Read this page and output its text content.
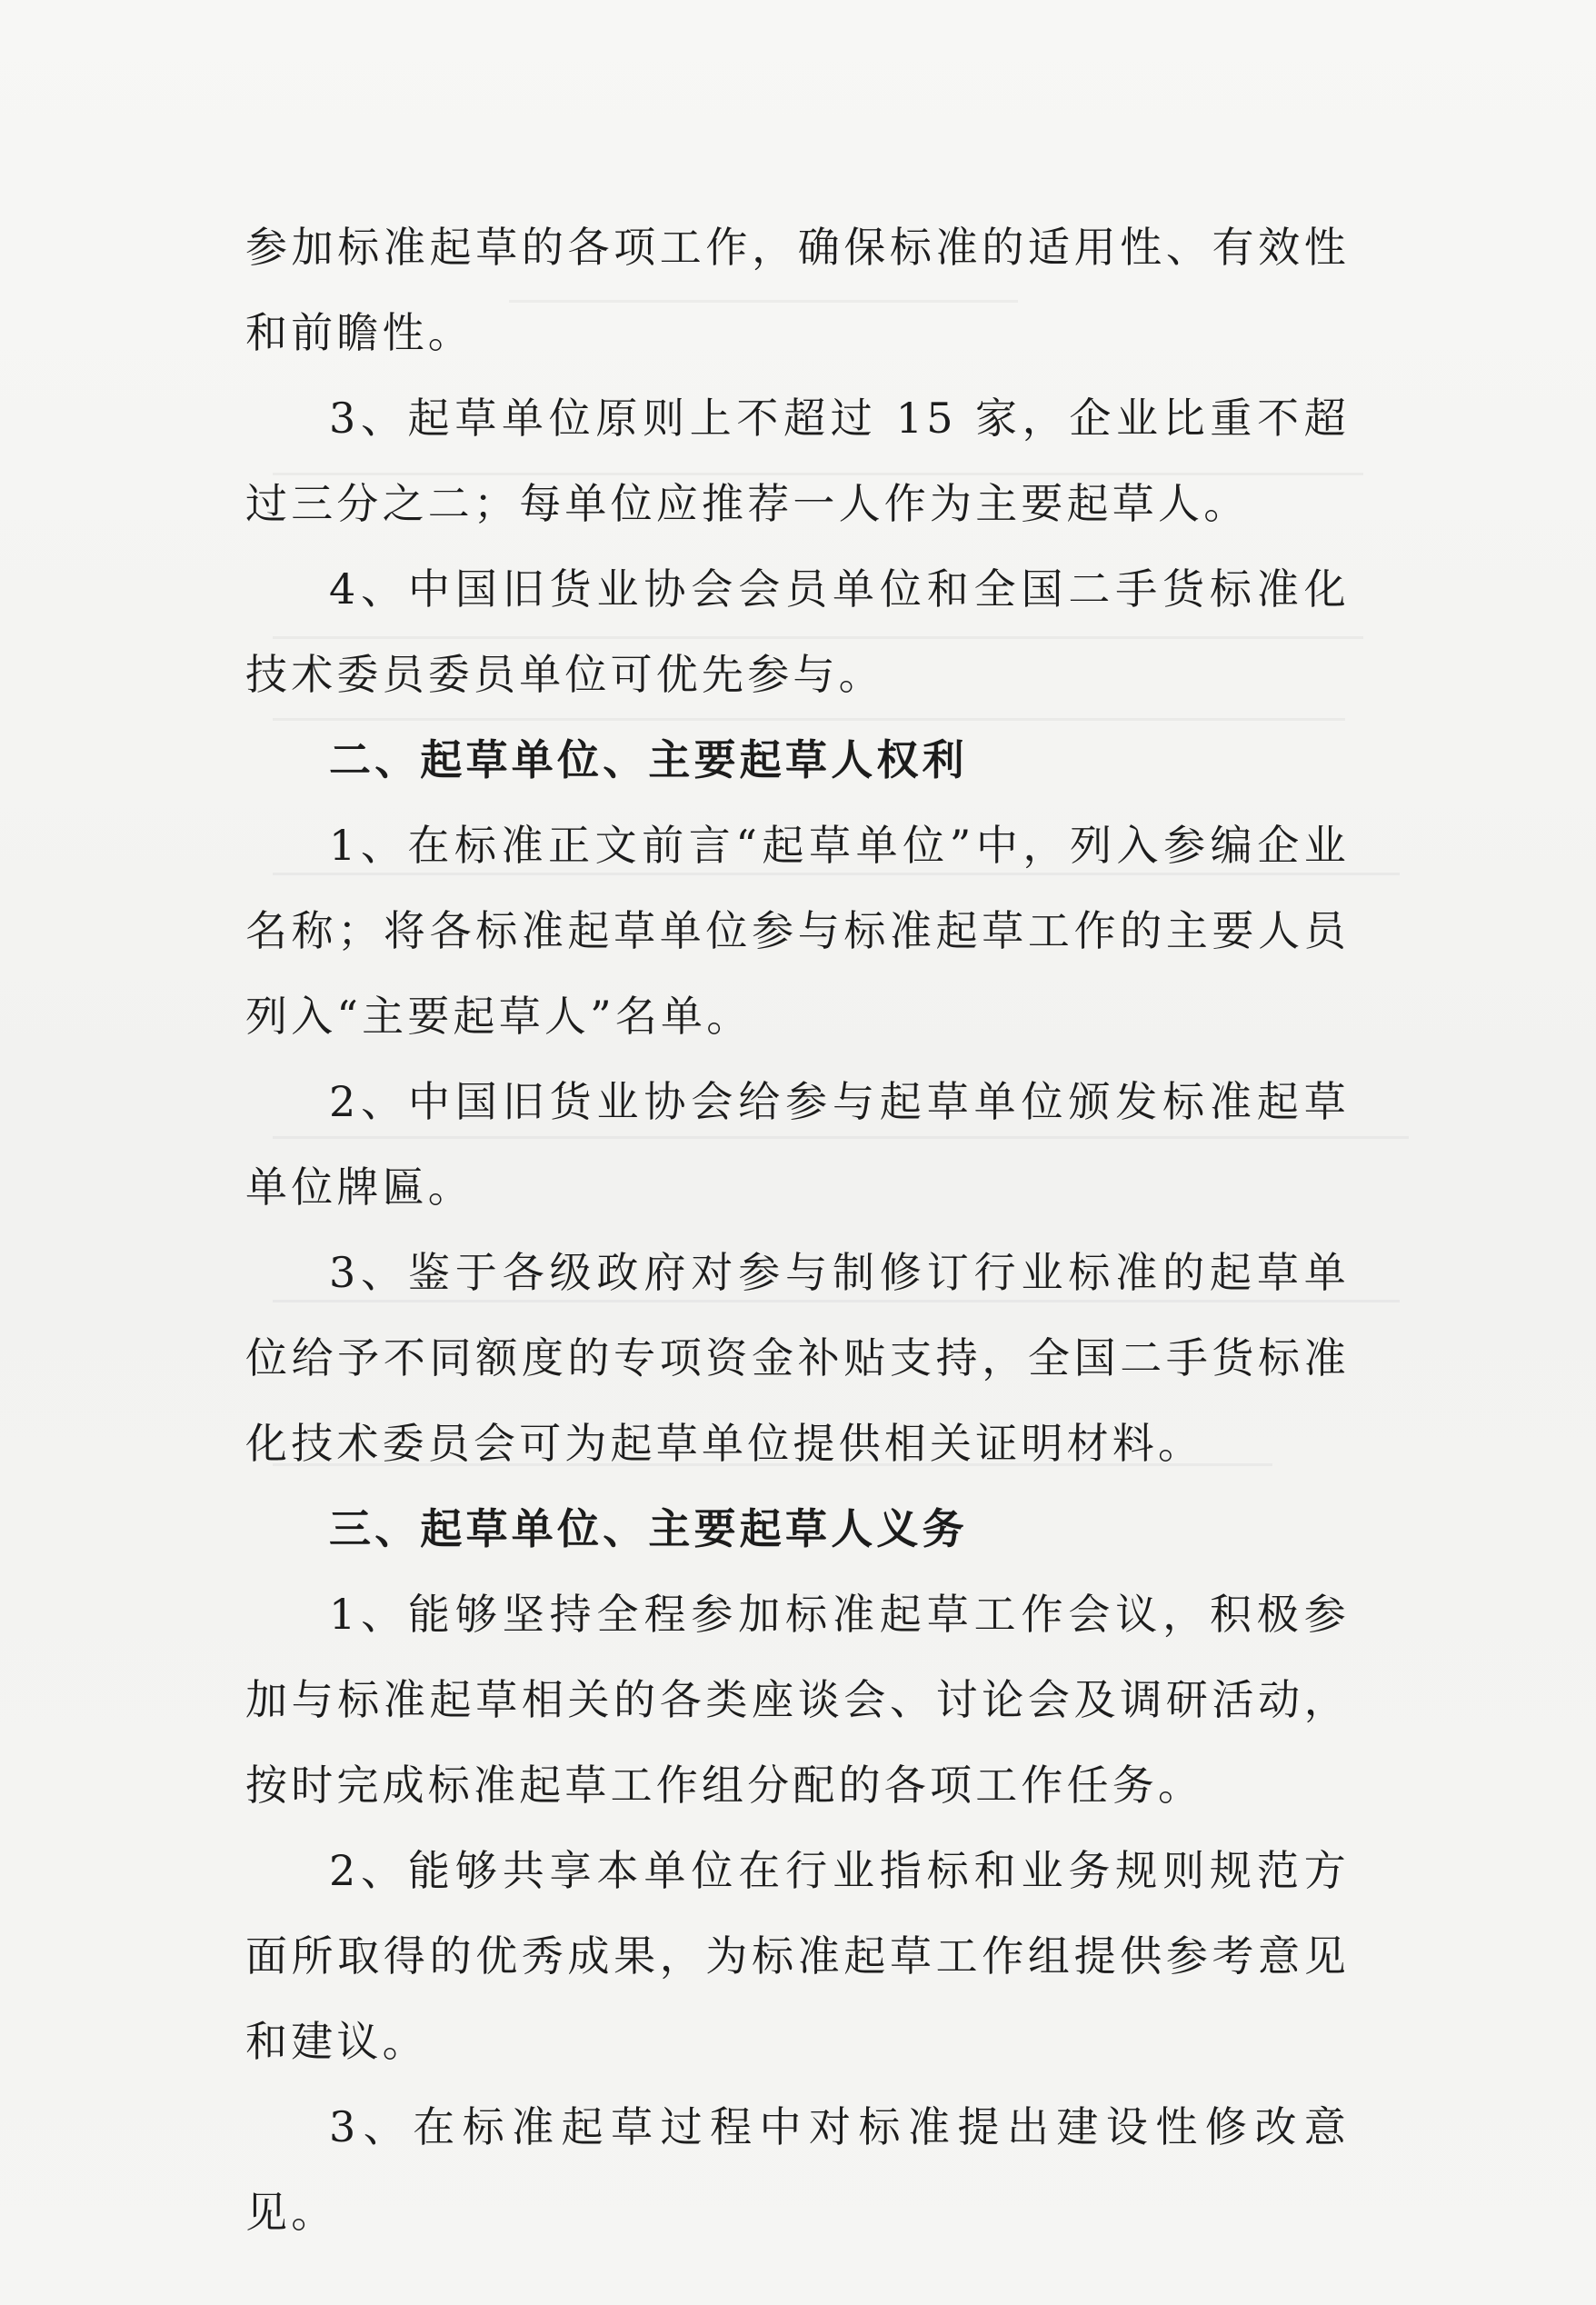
参加标准起草的各项工作，确保标准的适用性、有效性和前瞻性。

3、起草单位原则上不超过 15 家，企业比重不超过三分之二；每单位应推荐一人作为主要起草人。

4、中国旧货业协会会员单位和全国二手货标准化技术委员委员单位可优先参与。

二、起草单位、主要起草人权利

1、在标准正文前言“起草单位”中，列入参编企业名称；将各标准起草单位参与标准起草工作的主要人员列入“主要起草人”名单。

2、中国旧货业协会给参与起草单位颁发标准起草单位牌匾。

3、鉴于各级政府对参与制修订行业标准的起草单位给予不同额度的专项资金补贴支持，全国二手货标准化技术委员会可为起草单位提供相关证明材料。

三、起草单位、主要起草人义务

1、能够坚持全程参加标准起草工作会议，积极参加与标准起草相关的各类座谈会、讨论会及调研活动，按时完成标准起草工作组分配的各项工作任务。

2、能够共享本单位在行业指标和业务规则规范方面所取得的优秀成果，为标准起草工作组提供参考意见和建议。

3、在标准起草过程中对标准提出建设性修改意见。
